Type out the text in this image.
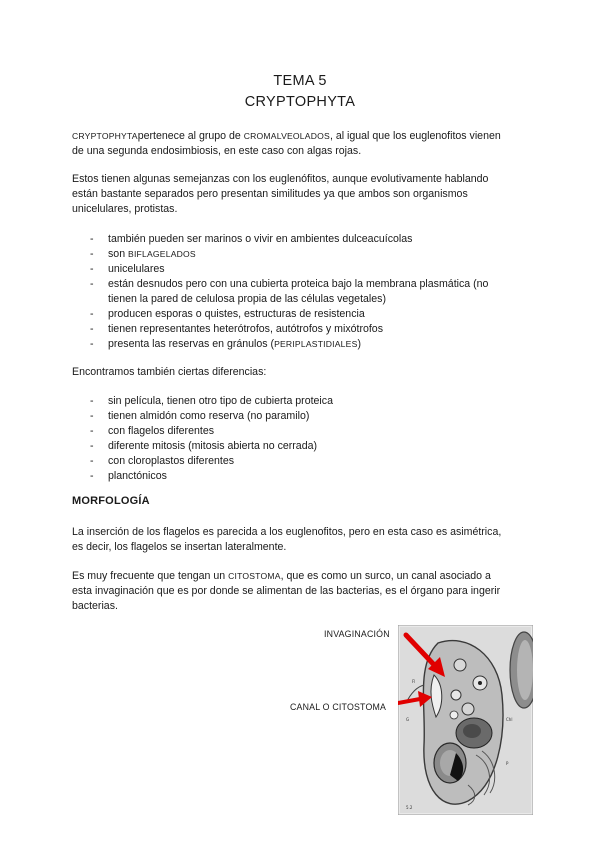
TEMA 5
CRYPTOPHYTA
CRYPTOPHYTApertenece al grupo de CROMALVEOLADOS, al igual que los euglenofitos vienen
de una segunda endosimbiosis, en este caso con algas rojas.
Estos tienen algunas semejanzas con los euglenófitos, aunque evolutivamente hablando
están bastante separados pero presentan similitudes ya que ambos son organismos
unicelulares, protistas.
- también pueden ser marinos o vivir en ambientes dulceacuícolas
- son BIFLAGELADOS
- unicelulares
- están desnudos pero con una cubierta proteica bajo la membrana plasmática (no
tienen la pared de celulosa propia de las células vegetales)
- producen esporas o quistes, estructuras de resistencia
- tienen representantes heterótrofos, autótrofos y mixótrofos
- presenta las reservas en gránulos (PERIPLASTIDIALES)
Encontramos también ciertas diferencias:
- sin película, tienen otro tipo de cubierta proteica
- tienen almidón como reserva (no paramilo)
- con flagelos diferentes
- diferente mitosis (mitosis abierta no cerrada)
- con cloroplastos diferentes
- planctónicos
MORFOLOGÍA
La inserción de los flagelos es parecida a los euglenofitos, pero en esta caso es asimétrica,
es decir, los flagelos se insertan lateralmente.
Es muy frecuente que tengan un CITOSTOMA, que es como un surco, un canal asociado a
esta invaginación que es por donde se alimentan de las bacterias, es el órgano para ingerir
bacterias.
INVAGINACIÓN
CANAL O CITOSTOMA
Fl
G	Chl
P
5.2
